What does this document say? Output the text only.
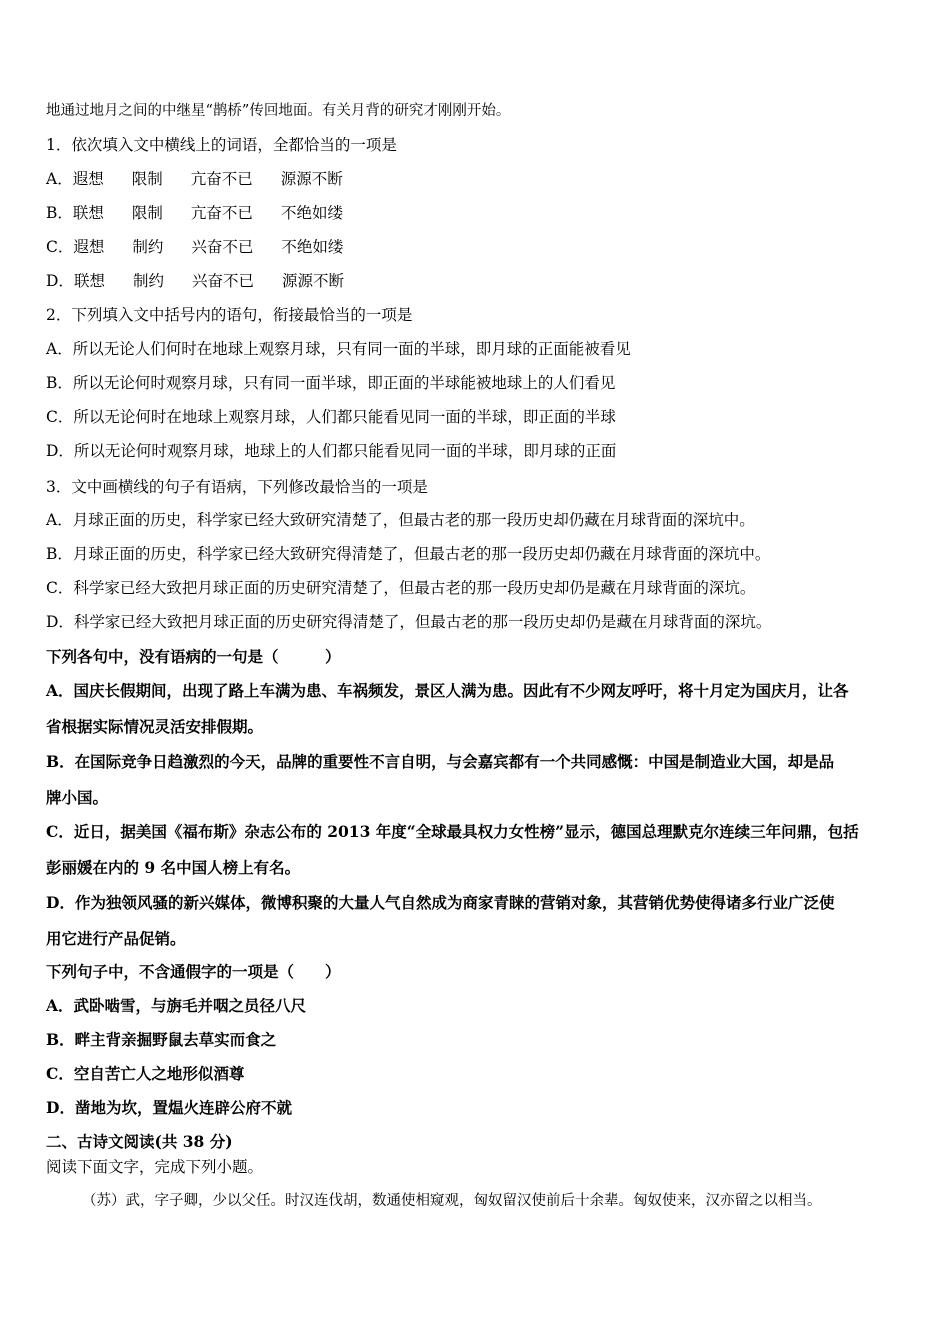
地通过地月之间的中继星“鹊桥”传回地面。有关月背的研究才刚刚开始。
1．依次填入文中横线上的词语，全都恰当的一项是
A．遐想 限制 亢奋不已 源源不断
B．联想 限制 亢奋不已 不绝如缕
C．遐想 制约 兴奋不已 不绝如缕
D．联想 制约 兴奋不已 源源不断
2．下列填入文中括号内的语句，衔接最恰当的一项是
A．所以无论人们何时在地球上观察月球，只有同一面的半球，即月球的正面能被看见
B．所以无论何时观察月球，只有同一面半球，即正面的半球能被地球上的人们看见
C．所以无论何时在地球上观察月球，人们都只能看见同一面的半球，即正面的半球
D．所以无论何时观察月球，地球上的人们都只能看见同一面的半球，即月球的正面
3．文中画横线的句子有语病，下列修改最恰当的一项是
A．月球正面的历史，科学家已经大致研究清楚了，但最古老的那一段历史却仍藏在月球背面的深坑中。
B．月球正面的历史，科学家已经大致研究得清楚了，但最古老的那一段历史却仍藏在月球背面的深坑中。
C．科学家已经大致把月球正面的历史研究清楚了，但最古老的那一段历史却仍是藏在月球背面的深坑。
D．科学家已经大致把月球正面的历史研究得清楚了，但最古老的那一段历史却仍是藏在月球背面的深坑。
下列各句中，没有语病的一句是（　　　）
A．国庆长假期间，出现了路上车满为患、车祸频发，景区人满为患。因此有不少网友呼吁，将十月定为国庆月，让各
省根据实际情况灵活安排假期。
B．在国际竞争日趋激烈的今天，品牌的重要性不言自明，与会嘉宾都有一个共同感慨：中国是制造业大国，却是品
牌小国。
C．近日，据美国《福布斯》杂志公布的 2013 年度“全球最具权力女性榜”显示，德国总理默克尔连续三年问鼎，包括
彭丽媛在内的 9 名中国人榜上有名。
D．作为独领风骚的新兴媒体，微博积聚的大量人气自然成为商家青睐的营销对象，其营销优势使得诸多行业广泛使
用它进行产品促销。
下列句子中，不含通假字的一项是（　　）
A．武卧啮雪，与旃毛并咽之员径八尺
B．畔主背亲掘野鼠去草实而食之
C．空自苦亡人之地形似酒尊
D．凿地为坎，置煴火连辟公府不就
二、古诗文阅读(共 38 分)
阅读下面文字，完成下列小题。
（苏）武，字子卿，少以父任。时汉连伐胡，数通使相窥观，匈奴留汉使前后十余辈。匈奴使来，汉亦留之以相当。
